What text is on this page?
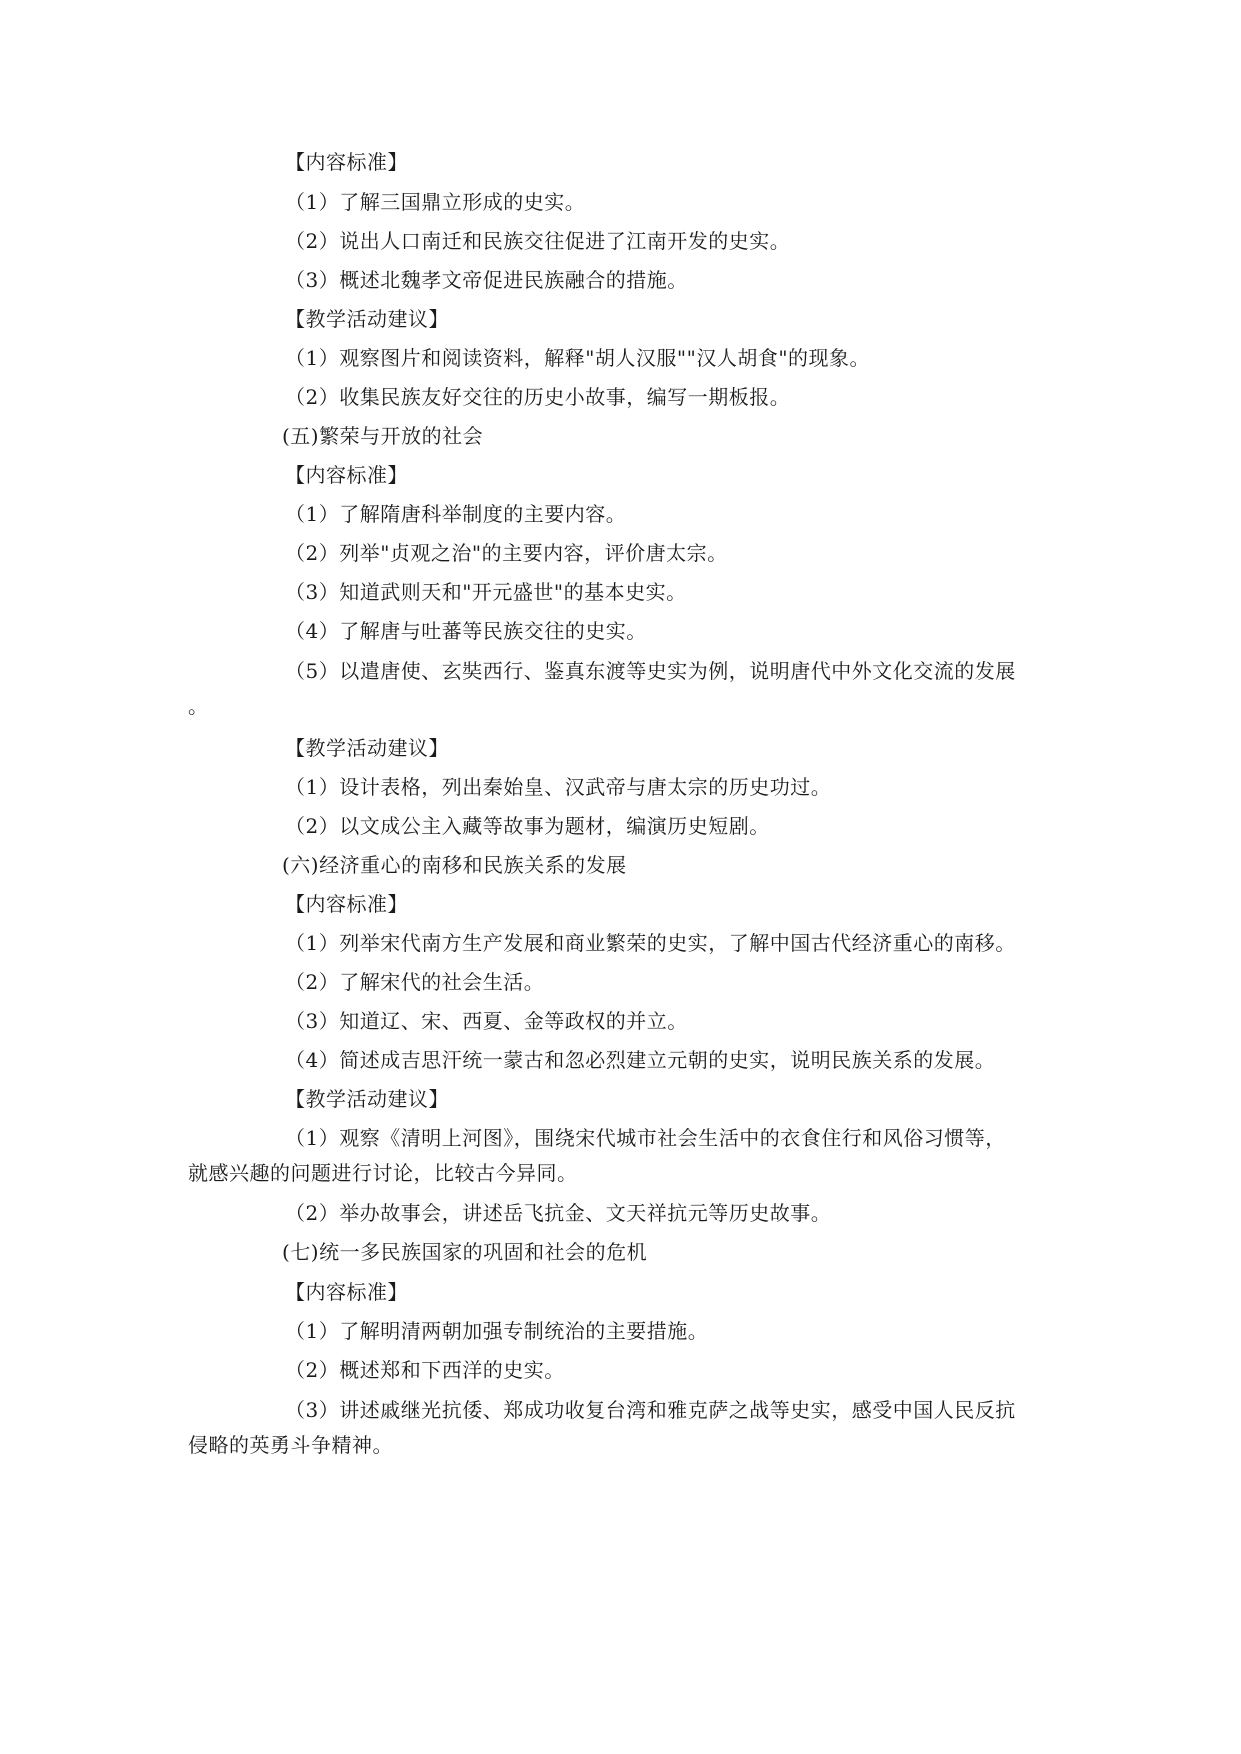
【内容标准】
（1）了解三国鼎立形成的史实。
（2）说出人口南迁和民族交往促进了江南开发的史实。
（3）概述北魏孝文帝促进民族融合的措施。
【教学活动建议】
（1）观察图片和阅读资料，解释"胡人汉服""汉人胡食"的现象。
（2）收集民族友好交往的历史小故事，编写一期板报。
(五)繁荣与开放的社会
【内容标准】
（1）了解隋唐科举制度的主要内容。
（2）列举"贞观之治"的主要内容，评价唐太宗。
（3）知道武则天和"开元盛世"的基本史实。
（4）了解唐与吐蕃等民族交往的史实。
（5）以遣唐使、玄奘西行、鉴真东渡等史实为例，说明唐代中外文化交流的发展
。
【教学活动建议】
（1）设计表格，列出秦始皇、汉武帝与唐太宗的历史功过。
（2）以文成公主入藏等故事为题材，编演历史短剧。
(六)经济重心的南移和民族关系的发展
【内容标准】
（1）列举宋代南方生产发展和商业繁荣的史实，了解中国古代经济重心的南移。
（2）了解宋代的社会生活。
（3）知道辽、宋、西夏、金等政权的并立。
（4）简述成吉思汗统一蒙古和忽必烈建立元朝的史实，说明民族关系的发展。
【教学活动建议】
（1）观察《清明上河图》，围绕宋代城市社会生活中的衣食住行和风俗习惯等，
就感兴趣的问题进行讨论，比较古今异同。
（2）举办故事会，讲述岳飞抗金、文天祥抗元等历史故事。
(七)统一多民族国家的巩固和社会的危机
【内容标准】
（1）了解明清两朝加强专制统治的主要措施。
（2）概述郑和下西洋的史实。
（3）讲述戚继光抗倭、郑成功收复台湾和雅克萨之战等史实，感受中国人民反抗
侵略的英勇斗争精神。
